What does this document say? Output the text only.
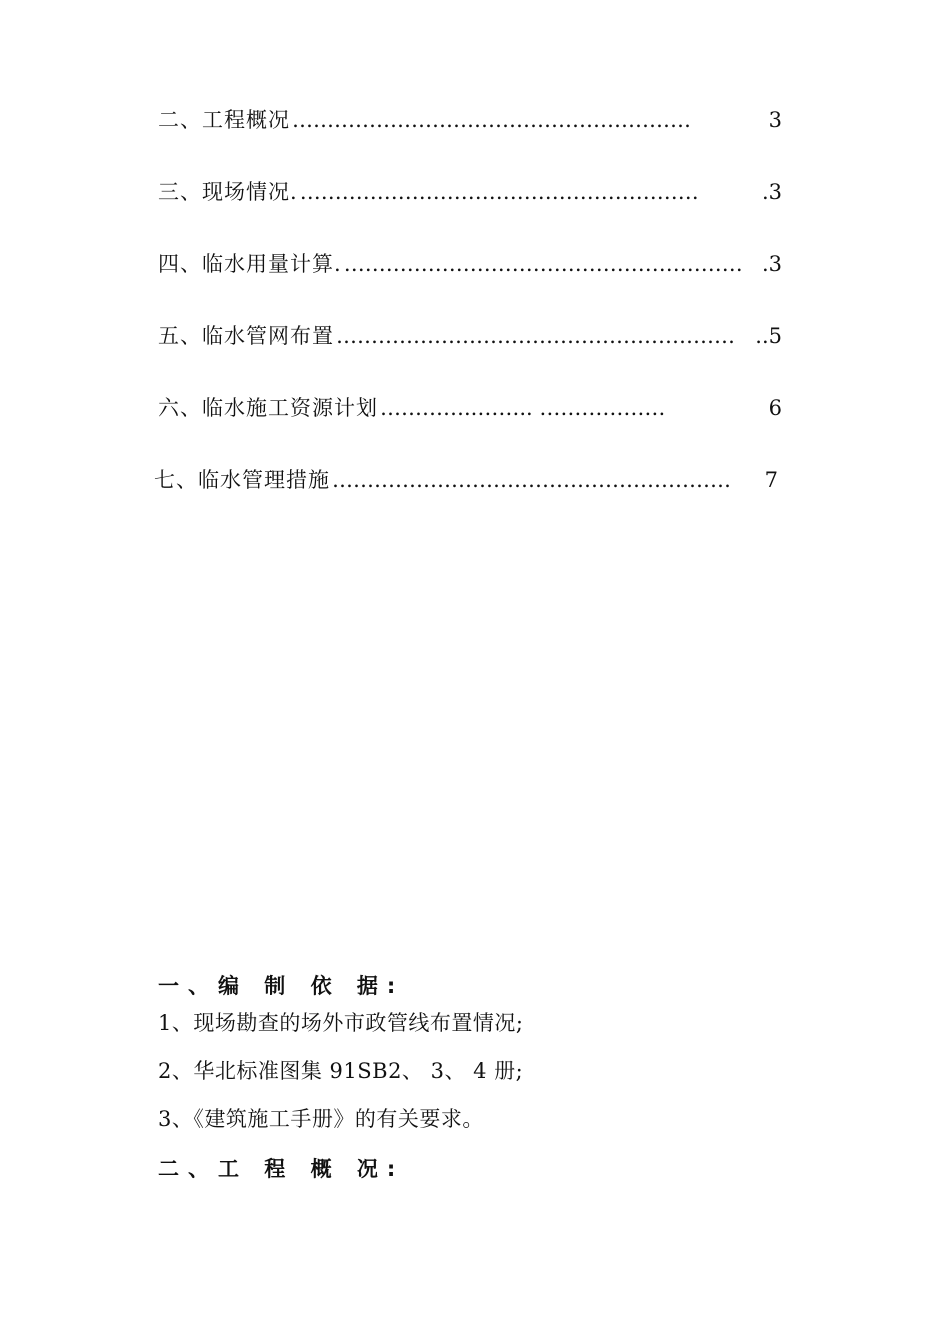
二、工程概况 …………………………………………………	3
三、现场情况. …………………………………………………	.3
四、临水用量计算. ………………………………………………… .3
五、临水管网布置 ………………………………………………… ..5
六、临水施工资源计划 …………..…….. ………………	6
七、临水管理措施 …………………………………………………	7
一、编 制 依 据:
1、现场勘查的场外市政管线布置情况;
2、华北标准图集 91SB2、 3、 4 册;
3、《建筑施工手册》的有关要求。
二、工 程 概 况:
